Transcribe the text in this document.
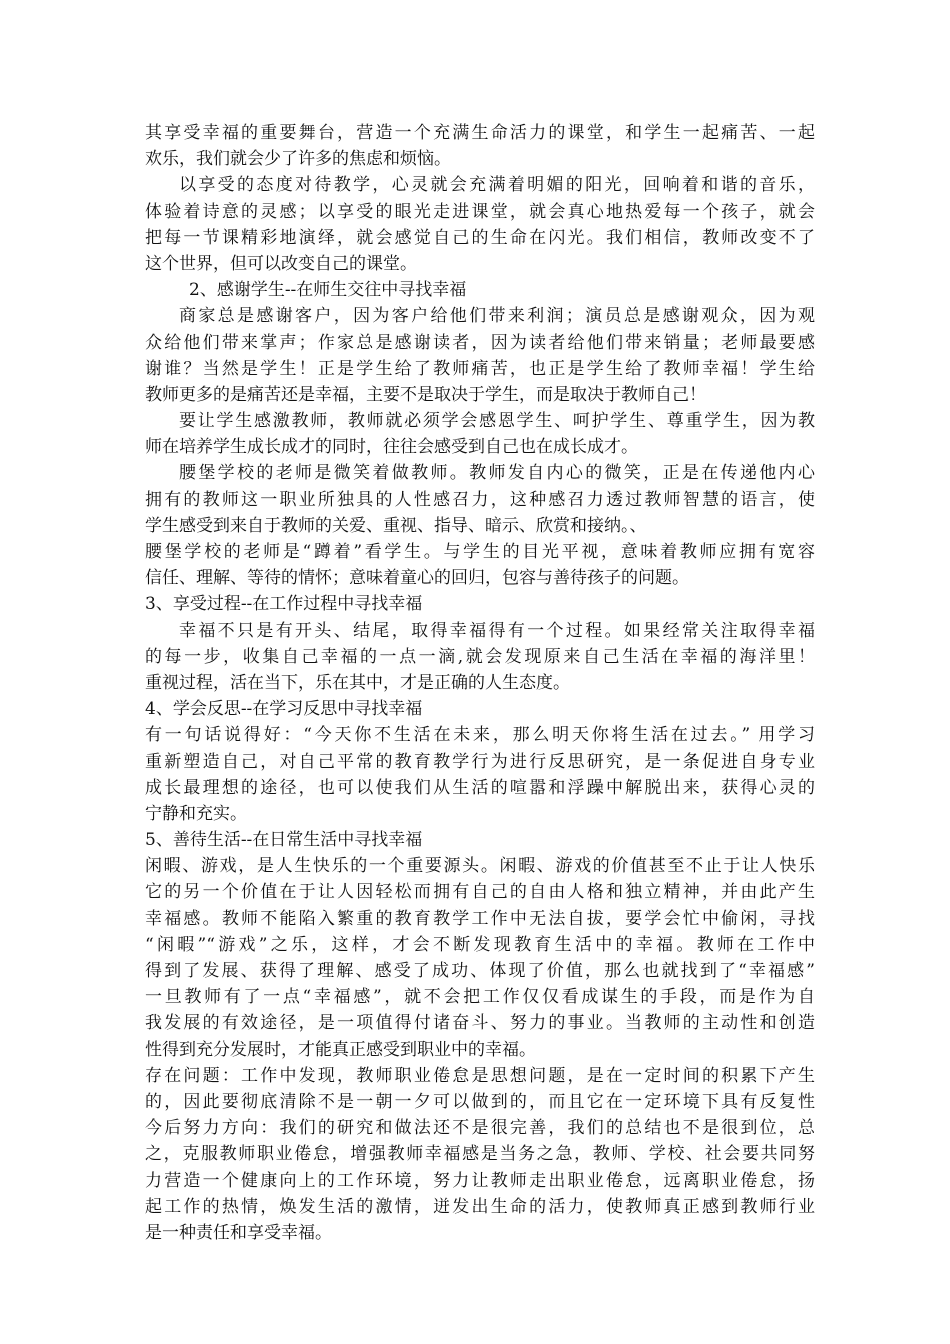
其享受幸福的重要舞台，营造一个充满生命活力的课堂，和学生一起痛苦、一起
欢乐，我们就会少了许多的焦虑和烦恼。
以享受的态度对待教学，心灵就会充满着明媚的阳光，回响着和谐的音乐，
体验着诗意的灵感；以享受的眼光走进课堂，就会真心地热爱每一个孩子，就会
把每一节课精彩地演绎，就会感觉自己的生命在闪光。我们相信，教师改变不了
这个世界，但可以改变自己的课堂。
2、感谢学生--在师生交往中寻找幸福
商家总是感谢客户，因为客户给他们带来利润；演员总是感谢观众，因为观
众给他们带来掌声；作家总是感谢读者，因为读者给他们带来销量；老师最要感
谢谁？当然是学生！正是学生给了教师痛苦，也正是学生给了教师幸福！学生给
教师更多的是痛苦还是幸福，主要不是取决于学生，而是取决于教师自己！
要让学生感激教师，教师就必须学会感恩学生、呵护学生、尊重学生，因为教
师在培养学生成长成才的同时，往往会感受到自己也在成长成才。
腰堡学校的老师是微笑着做教师。教师发自内心的微笑，正是在传递他内心
拥有的教师这一职业所独具的人性感召力，这种感召力透过教师智慧的语言，使
学生感受到来自于教师的关爱、重视、指导、暗示、欣赏和接纳。、
腰堡学校的老师是“蹲着”看学生。与学生的目光平视，意味着教师应拥有宽容
信任、理解、等待的情怀；意味着童心的回归，包容与善待孩子的问题。
3、享受过程--在工作过程中寻找幸福
幸福不只是有开头、结尾，取得幸福得有一个过程。如果经常关注取得幸福
的每一步，收集自己幸福的一点一滴,就会发现原来自己生活在幸福的海洋里！
重视过程，活在当下，乐在其中，才是正确的人生态度。
4、学会反思--在学习反思中寻找幸福
有一句话说得好：“今天你不生活在未来，那么明天你将生活在过去。” 用学习
重新塑造自己，对自己平常的教育教学行为进行反思研究，是一条促进自身专业
成长最理想的途径，也可以使我们从生活的喧嚣和浮躁中解脱出来，获得心灵的
宁静和充实。
5、善待生活--在日常生活中寻找幸福
闲暇、游戏，是人生快乐的一个重要源头。闲暇、游戏的价值甚至不止于让人快乐
它的另一个价值在于让人因轻松而拥有自己的自由人格和独立精神，并由此产生
幸福感。教师不能陷入繁重的教育教学工作中无法自拔，要学会忙中偷闲，寻找
“闲暇”“游戏”之乐，这样，才会不断发现教育生活中的幸福。教师在工作中
得到了发展、获得了理解、感受了成功、体现了价值，那么也就找到了“幸福感”
一旦教师有了一点“幸福感”，就不会把工作仅仅看成谋生的手段，而是作为自
我发展的有效途径，是一项值得付诸奋斗、努力的事业。当教师的主动性和创造
性得到充分发展时，才能真正感受到职业中的幸福。
存在问题：工作中发现，教师职业倦怠是思想问题，是在一定时间的积累下产生
的，因此要彻底清除不是一朝一夕可以做到的，而且它在一定环境下具有反复性
今后努力方向：我们的研究和做法还不是很完善，我们的总结也不是很到位，总
之，克服教师职业倦怠，增强教师幸福感是当务之急，教师、学校、社会要共同努
力营造一个健康向上的工作环境，努力让教师走出职业倦怠，远离职业倦怠，扬
起工作的热情，焕发生活的激情，迸发出生命的活力，使教师真正感到教师行业
是一种责任和享受幸福。
